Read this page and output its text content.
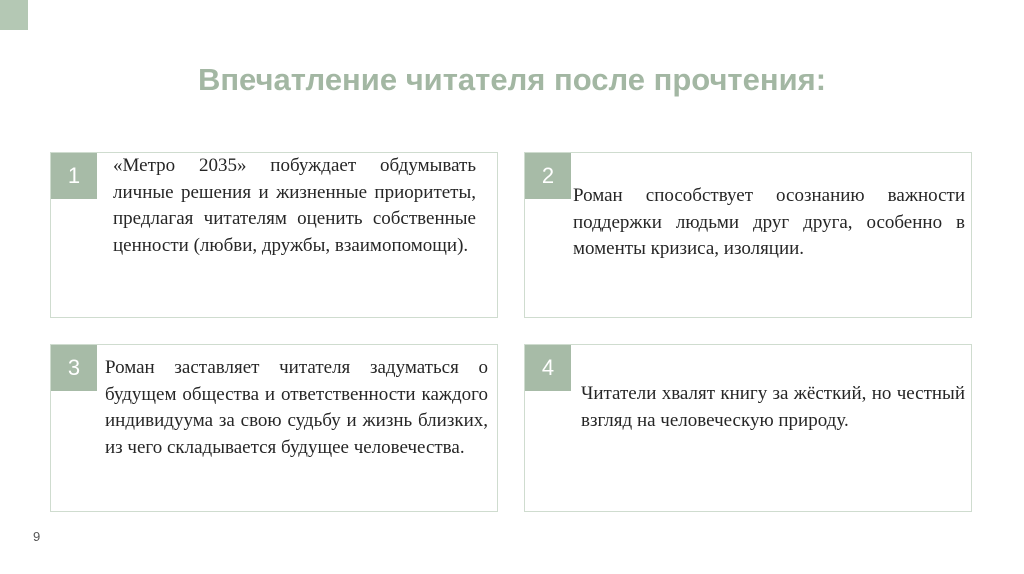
Впечатление читателя после прочтения:
1	«Метро 2035» побуждает обдумывать личные решения и жизненные приоритеты, предлагая читателям оценить собственные ценности (любви, дружбы, взаимопомощи).

2

Роман способствует осознанию важности поддержки людьми друг друга, особенно в моменты кризиса, изоляции.

3	Роман заставляет читателя задуматься о будущем общества и ответственности каждого индивидуума за свою судьбу и жизнь близких, из чего складывается будущее человечества.

4

Читатели хвалят книгу за жёсткий, но честный взгляд на человеческую природу.

9
